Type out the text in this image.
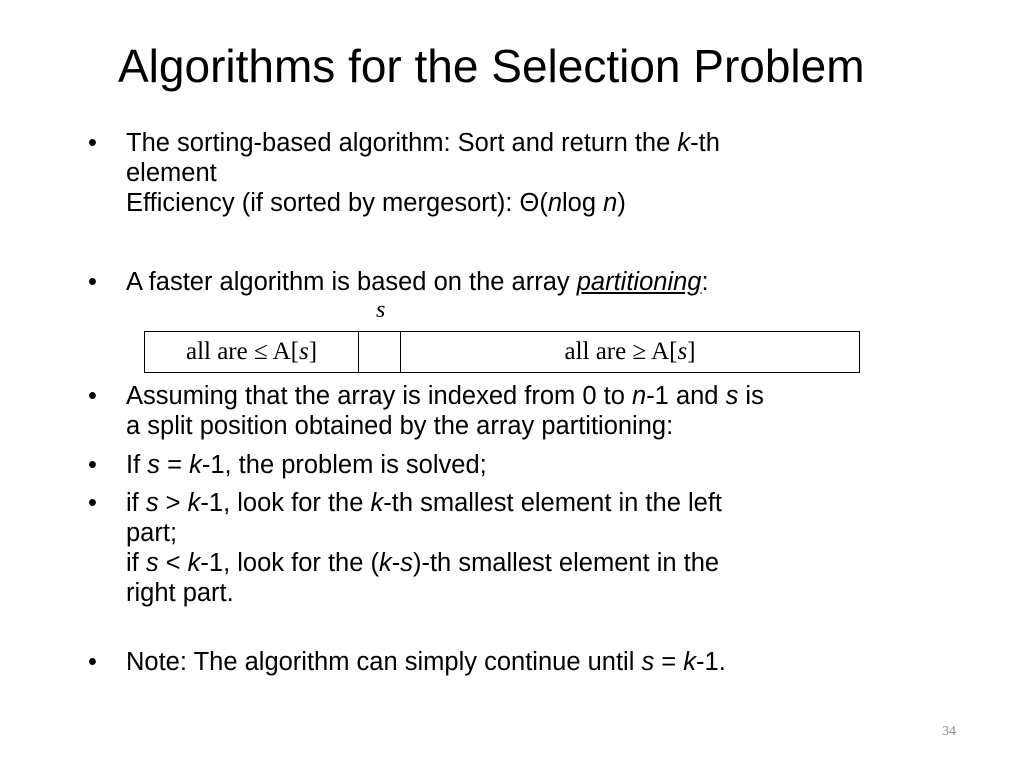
Algorithms for the Selection Problem
•	The sorting-based algorithm: Sort and return the k-th
element
Efficiency (if sorted by mergesort): Θ(nlog n)
•	A faster algorithm is based on the array partitioning:
s
all are ≤ A[ s ]	all are ≥ A[ s ]
•	Assuming that the array is indexed from 0 to n-1 and s is
a split position obtained by the array partitioning:
•	If s = k-1, the problem is solved;
•	if s > k-1, look for the k-th smallest element in the left
part;
if s < k-1, look for the (k-s)-th smallest element in the
right part.
•	Note: The algorithm can simply continue until s = k-1.
34
